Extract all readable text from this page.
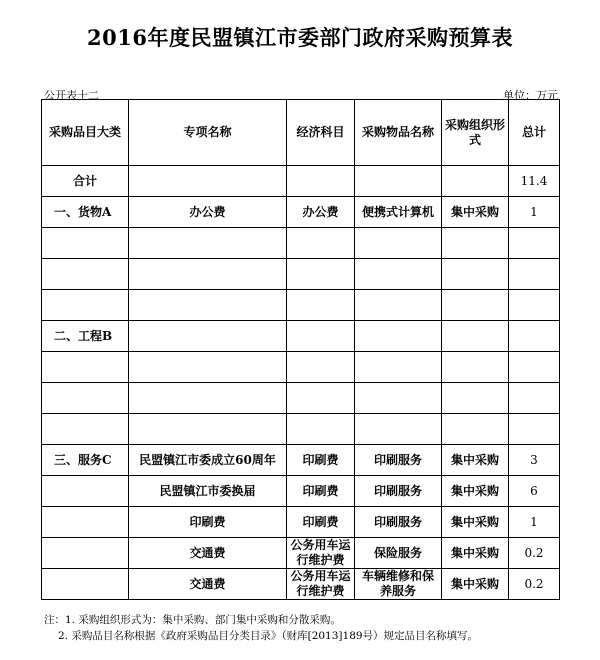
2016年度民盟镇江市委部门政府采购预算表
公开表十二	单位：万元
采购品目大类	专项名称	经济科目	采购物品名称	采购组织形式	总计
合计					11.4
一、货物A	办公费	办公费	便携式计算机	集中采购	1

二、工程B					

三、服务C	民盟镇江市委成立60周年	印刷费	印刷服务	集中采购	3
	民盟镇江市委换届	印刷费	印刷服务	集中采购	6
	印刷费	印刷费	印刷服务	集中采购	1
	交通费	公务用车运行维护费	保险服务	集中采购	0.2
	交通费	公务用车运行维护费	车辆维修和保养服务	集中采购	0.2
注：1. 采购组织形式为：集中采购、部门集中采购和分散采购。
2. 采购品目名称根据《政府采购品目分类目录》（财库[2013]189号）规定品目名称填写。
